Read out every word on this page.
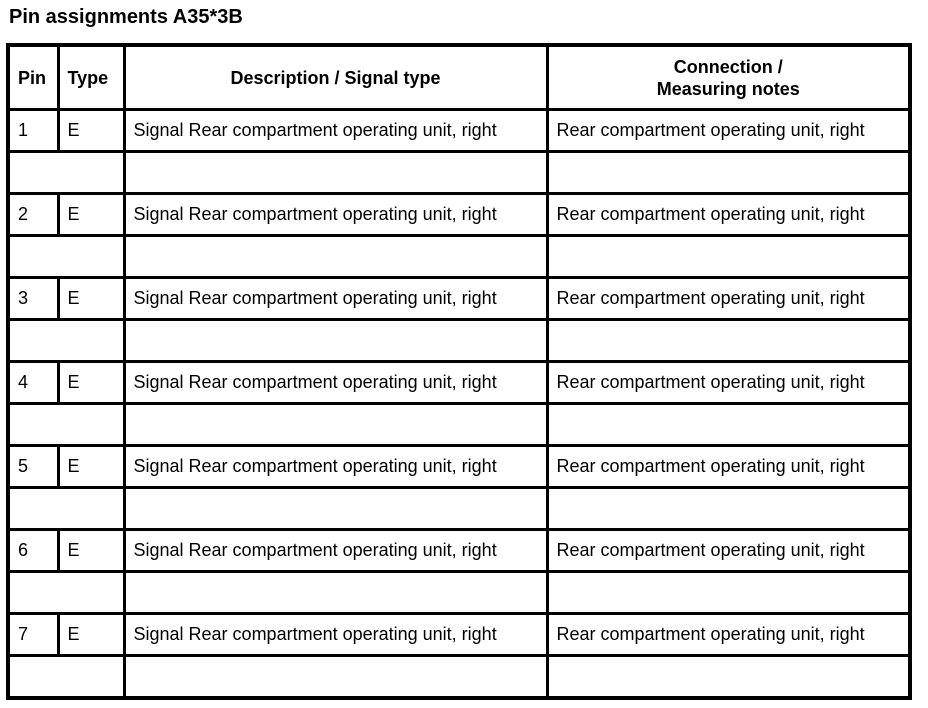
Pin assignments A35*3B
Pin	Type	Description / Signal type	Connection /
Measuring notes
1	E	Signal Rear compartment operating unit, right	Rear compartment operating unit, right

2	E	Signal Rear compartment operating unit, right	Rear compartment operating unit, right

3	E	Signal Rear compartment operating unit, right	Rear compartment operating unit, right

4	E	Signal Rear compartment operating unit, right	Rear compartment operating unit, right

5	E	Signal Rear compartment operating unit, right	Rear compartment operating unit, right

6	E	Signal Rear compartment operating unit, right	Rear compartment operating unit, right

7	E	Signal Rear compartment operating unit, right	Rear compartment operating unit, right
